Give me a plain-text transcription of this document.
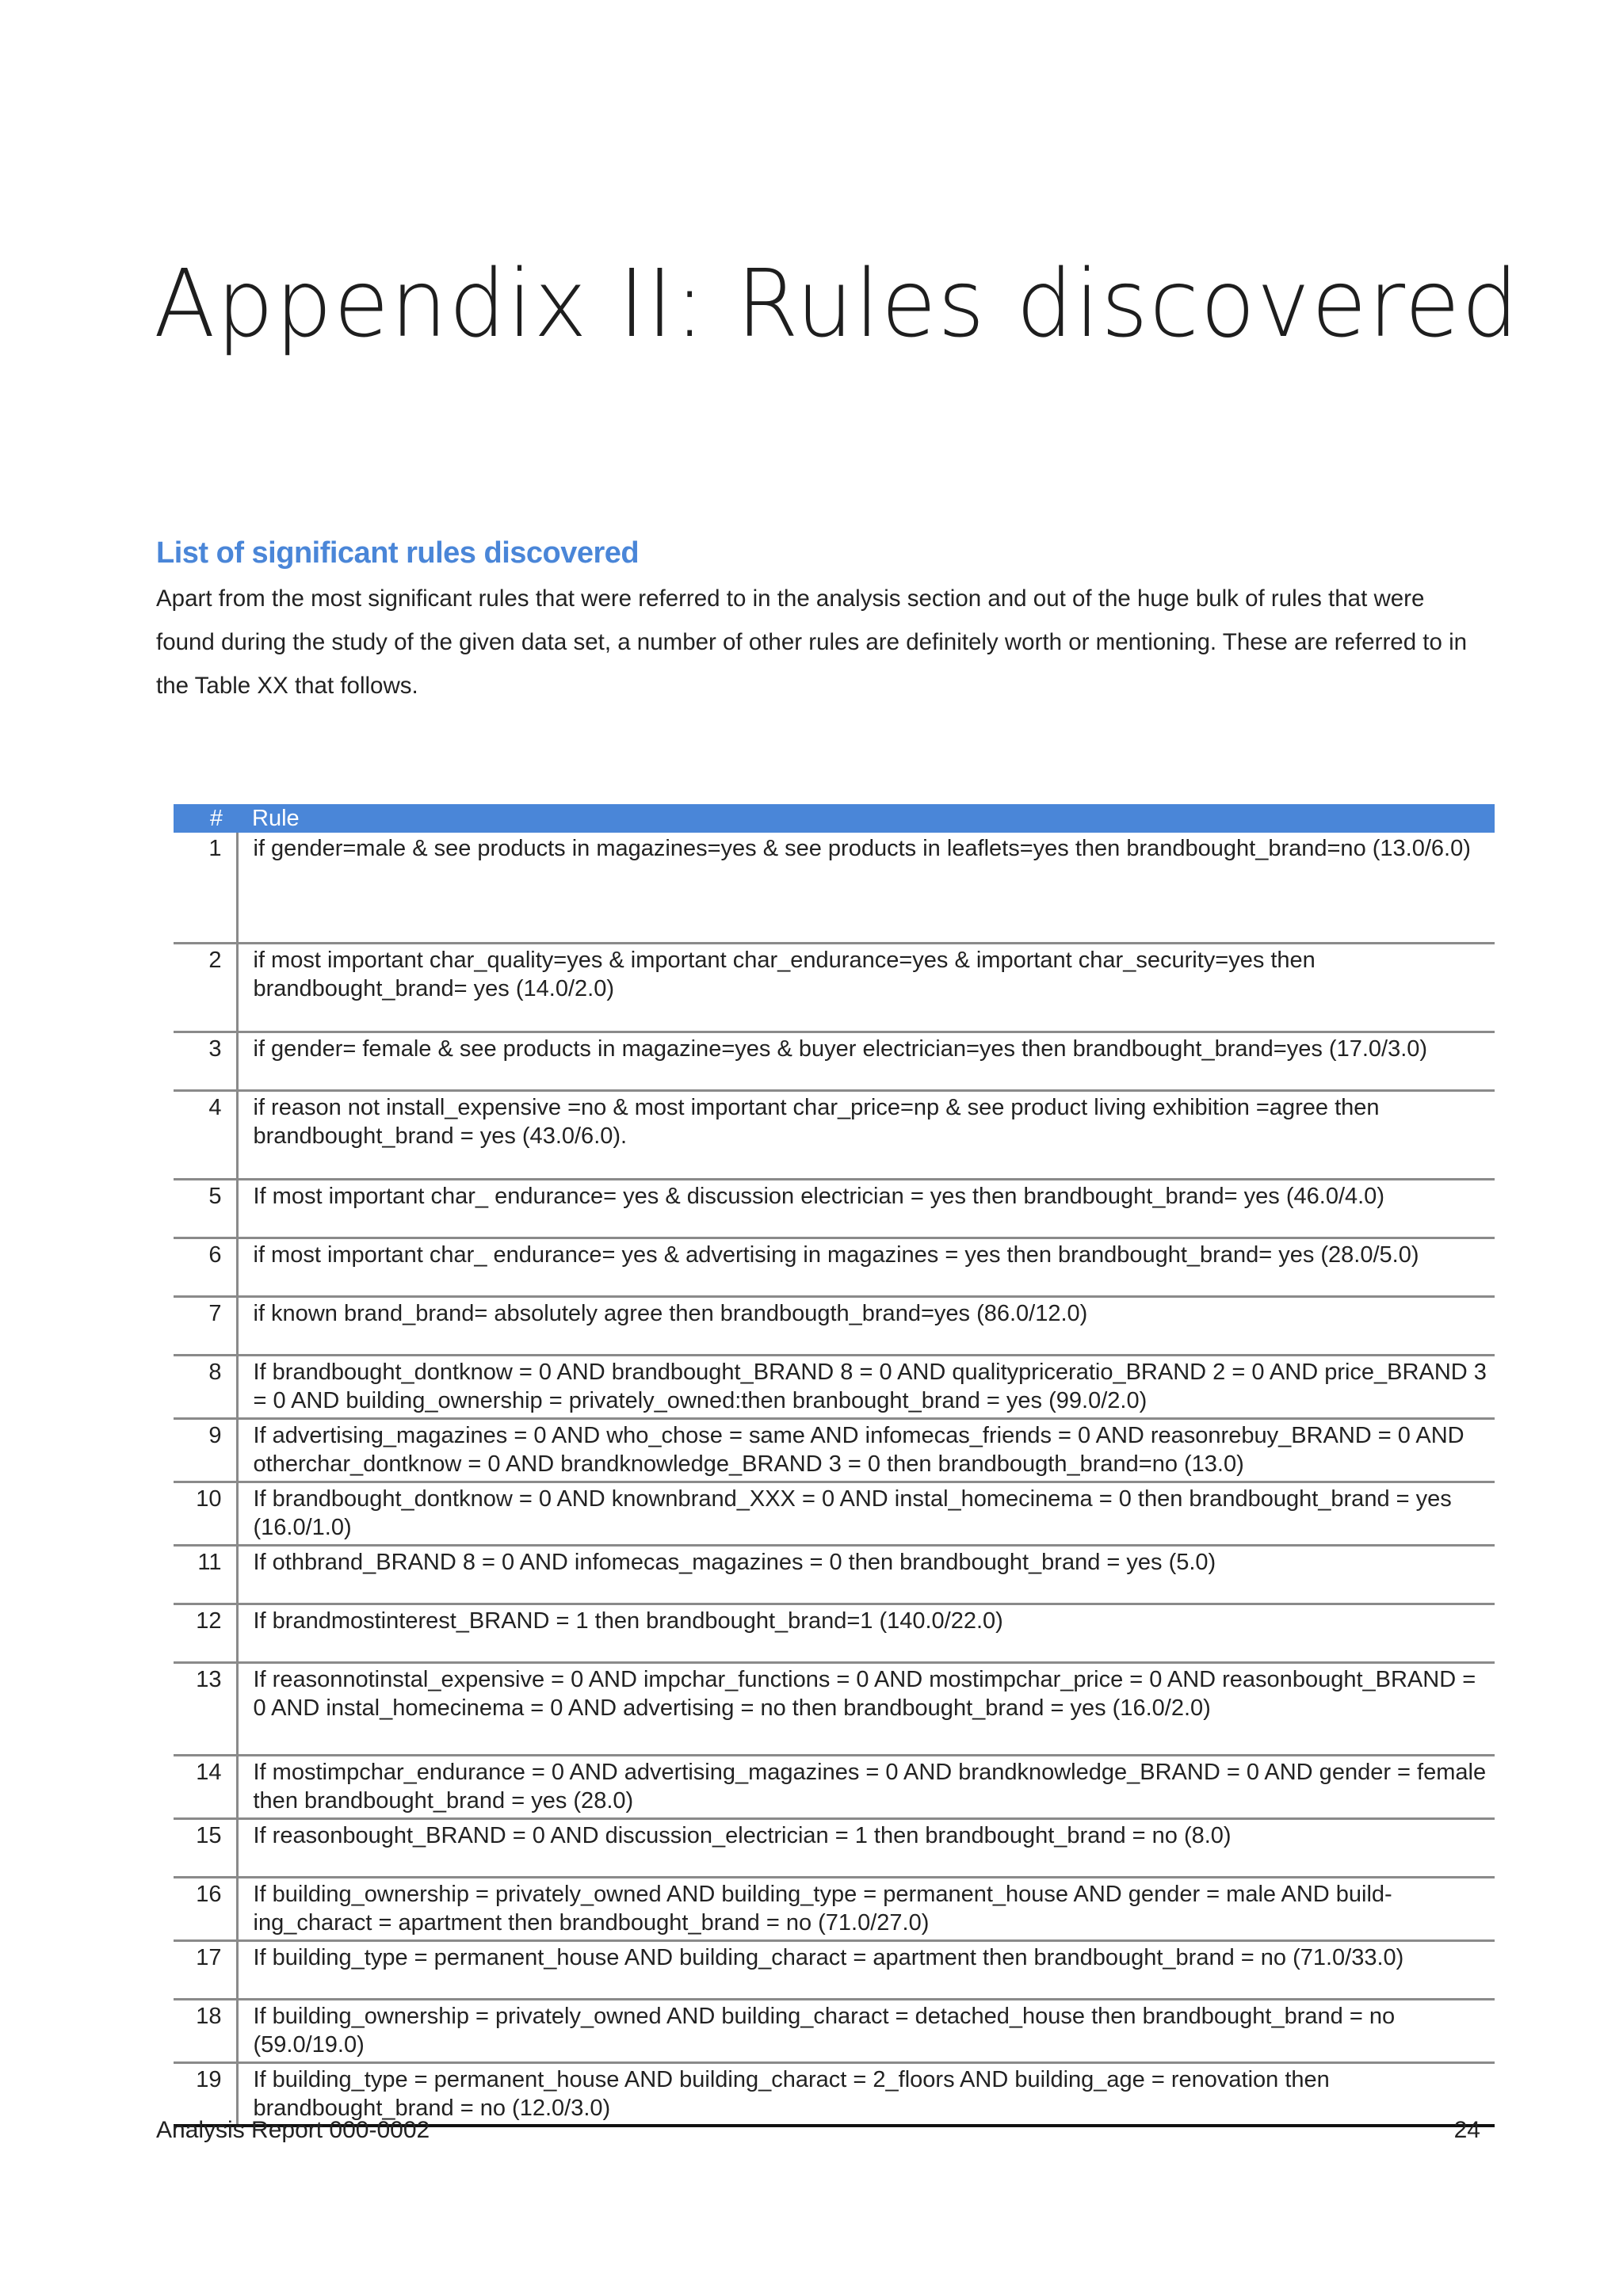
Appendix II: Rules discovered
List of significant rules discovered

Apart from the most significant rules that were referred to in the analysis section and out of the huge bulk of rules that were found during the study of the given data set, a number of other rules are definitely worth or mentioning. These are referred to in the Table XX that follows.

#	Rule
1	if gender=male & see products in magazines=yes & see products in leaflets=yes then brandbought_brand=no (13.0/6.0)
2	if most important char_quality=yes & important char_endurance=yes & important char_security=yes then brandbought_brand= yes (14.0/2.0)
3	if gender= female & see products in magazine=yes & buyer electrician=yes then brandbought_brand=yes (17.0/3.0)
4	if reason not install_expensive =no & most important char_price=np & see product living exhibition =agree then brandbought_brand = yes (43.0/6.0).
5	If most important char_ endurance= yes & discussion electrician = yes then brandbought_brand= yes (46.0/4.0)
6	if most important char_ endurance= yes & advertising in magazines = yes then brandbought_brand= yes (28.0/5.0)
7	if known brand_brand= absolutely agree then brandbougth_brand=yes (86.0/12.0)
8	If brandbought_dontknow = 0 AND brandbought_BRAND 8 = 0 AND qualitypriceratio_BRAND 2 = 0 AND price_BRAND 3 = 0 AND building_ownership = privately_owned:then branbought_brand = yes (99.0/2.0)
9	If advertising_magazines = 0 AND who_chose = same AND infomecas_friends = 0 AND reasonrebuy_BRAND = 0 AND otherchar_dontknow = 0 AND brandknowledge_BRAND 3 = 0 then brandbougth_brand=no (13.0)
10	If brandbought_dontknow = 0 AND knownbrand_XXX = 0 AND instal_homecinema = 0 then brandbought_brand = yes (16.0/1.0)
11	If othbrand_BRAND 8 = 0 AND infomecas_magazines = 0 then brandbought_brand = yes (5.0)
12	If brandmostinterest_BRAND = 1 then brandbought_brand=1 (140.0/22.0)
13	If reasonnotinstal_expensive = 0 AND impchar_functions = 0 AND mostimpchar_price = 0 AND reasonbought_BRAND = 0 AND instal_homecinema = 0 AND advertising = no then brandbought_brand = yes (16.0/2.0)
14	If mostimpchar_endurance = 0 AND advertising_magazines = 0 AND brandknowledge_BRAND = 0 AND gender = female then brandbought_brand = yes (28.0)
15	If reasonbought_BRAND = 0 AND discussion_electrician = 1 then brandbought_brand = no (8.0)
16	If building_ownership = privately_owned AND building_type = permanent_house AND gender = male AND build-ing_charact = apartment then brandbought_brand = no (71.0/27.0)
17	If building_type = permanent_house AND building_charact = apartment then brandbought_brand = no (71.0/33.0)
18	If building_ownership = privately_owned AND building_charact = detached_house then brandbought_brand = no (59.0/19.0)
19	If building_type = permanent_house AND building_charact = 2_floors AND building_age = renovation then brandbought_brand = no (12.0/3.0)

Analysis Report 000-0002	24
